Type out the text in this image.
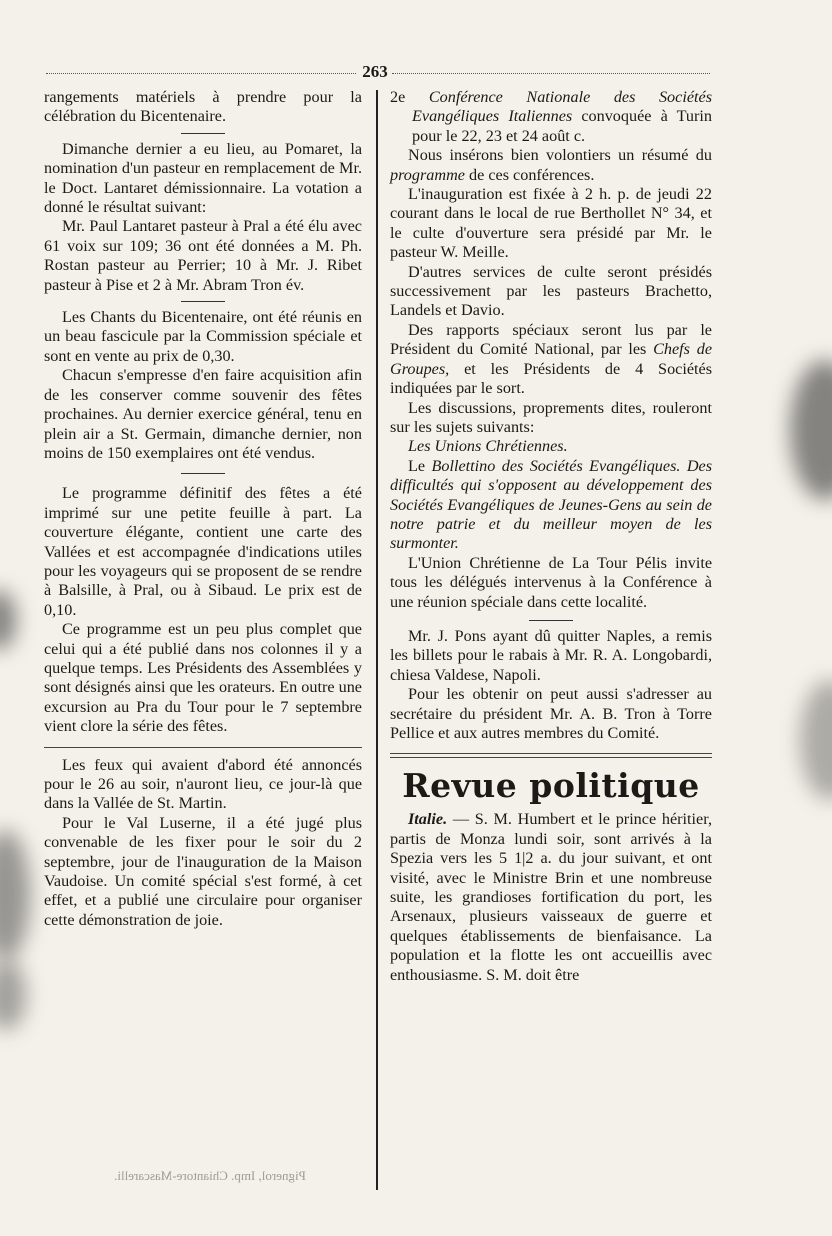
263

rangements matériels à prendre pour la célébration du Bicentenaire.

Dimanche dernier a eu lieu, au Pomaret, la nomination d'un pasteur en remplacement de Mr. le Doct. Lantaret démissionnaire. La votation a donné le résultat suivant:

Mr. Paul Lantaret pasteur à Pral a été élu avec 61 voix sur 109; 36 ont été données a M. Ph. Rostan pasteur au Perrier; 10 à Mr. J. Ribet pasteur à Pise et 2 à Mr. Abram Tron év.

Les Chants du Bicentenaire, ont été réunis en un beau fascicule par la Commission spéciale et sont en vente au prix de 0,30.

Chacun s'empresse d'en faire acquisition afin de les conserver comme souvenir des fêtes prochaines. Au dernier exercice général, tenu en plein air a St. Germain, dimanche dernier, non moins de 150 exemplaires ont été vendus.

Le programme définitif des fêtes a été imprimé sur une petite feuille à part. La couverture élégante, contient une carte des Vallées et est accompagnée d'indications utiles pour les voyageurs qui se proposent de se rendre à Balsille, à Pral, ou à Sibaud. Le prix est de 0,10.

Ce programme est un peu plus complet que celui qui a été publié dans nos colonnes il y a quelque temps. Les Présidents des Assemblées y sont désignés ainsi que les orateurs. En outre une excursion au Pra du Tour pour le 7 septembre vient clore la série des fêtes.

Les feux qui avaient d'abord été annoncés pour le 26 au soir, n'auront lieu, ce jour-là que dans la Vallée de St. Martin.

Pour le Val Luserne, il a été jugé plus convenable de les fixer pour le soir du 2 septembre, jour de l'inauguration de la Maison Vaudoise. Un comité spécial s'est formé, à cet effet, et a publié une circulaire pour organiser cette démonstration de joie.

2e Conférence Nationale des Sociétés Evangéliques Italiennes convoquée à Turin pour le 22, 23 et 24 août c.

Nous insérons bien volontiers un résumé du programme de ces conférences.

L'inauguration est fixée à 2 h. p. de jeudi 22 courant dans le local de rue Berthollet N° 34, et le culte d'ouverture sera présidé par Mr. le pasteur W. Meille.

D'autres services de culte seront présidés successivement par les pasteurs Brachetto, Landels et Davio.

Des rapports spéciaux seront lus par le Président du Comité National, par les Chefs de Groupes, et les Présidents de 4 Sociétés indiquées par le sort.

Les discussions, proprements dites, rouleront sur les sujets suivants:

Les Unions Chrétiennes.

Le Bollettino des Sociétés Evangéliques. Des difficultés qui s'opposent au développement des Sociétés Evangéliques de Jeunes-Gens au sein de notre patrie et du meilleur moyen de les surmonter.

L'Union Chrétienne de La Tour Pélis invite tous les délégués intervenus à la Conférence à une réunion spéciale dans cette localité.

Mr. J. Pons ayant dû quitter Naples, a remis les billets pour le rabais à Mr. R. A. Longobardi, chiesa Valdese, Napoli.

Pour les obtenir on peut aussi s'adresser au secrétaire du président Mr. A. B. Tron à Torre Pellice et aux autres membres du Comité.

Revue politique

Italie. — S. M. Humbert et le prince héritier, partis de Monza lundi soir, sont arrivés à la Spezia vers les 5 1|2 a. du jour suivant, et ont visité, avec le Ministre Brin et une nombreuse suite, les grandioses fortification du port, les Arsenaux, plusieurs vaisseaux de guerre et quelques établissements de bienfaisance. La population et la flotte les ont accueillis avec enthousiasme. S. M. doit être

Pignerol, Imp. Chiantore-Mascarelli.
